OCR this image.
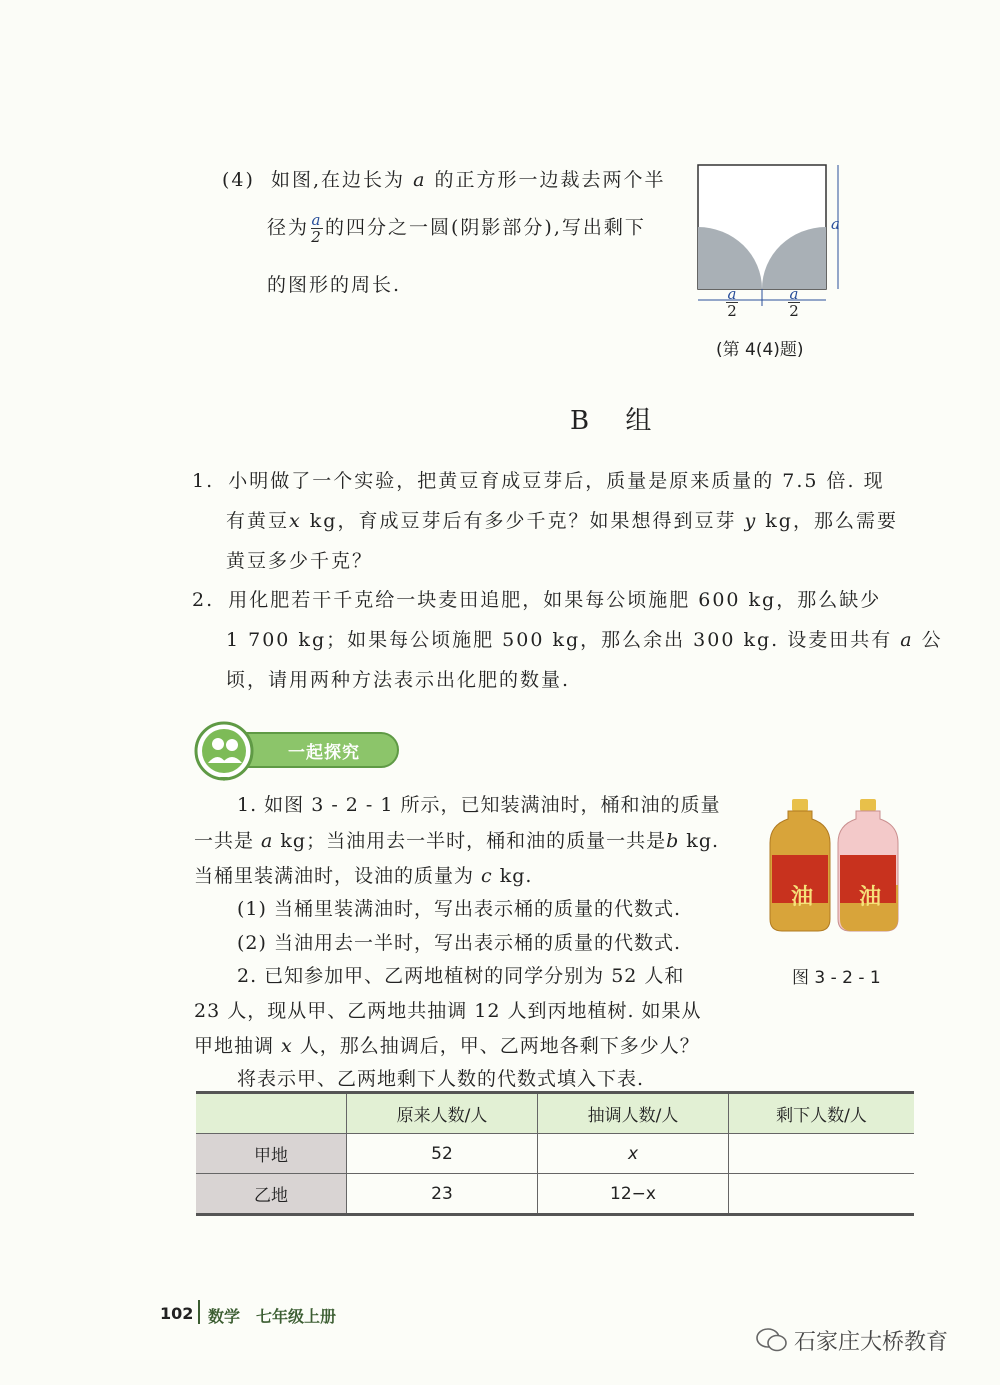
(4) 如图,在边长为 a 的正方形一边裁去两个半
径为 $\frac{a}{2}$ 的四分之一圆(阴影部分),写出剩下
的图形的周长.
a
$\frac{a}{2}$	$\frac{a}{2}$
(第 4(4)题)
B 组
1. 小明做了一个实验，把黄豆育成豆芽后，质量是原来质量的 7.5 倍. 现
有黄豆x kg，育成豆芽后有多少千克？如果想得到豆芽 y kg，那么需要
黄豆多少千克？
2. 用化肥若干千克给一块麦田追肥，如果每公顷施肥 600 kg，那么缺少
1 700 kg；如果每公顷施肥 500 kg，那么余出 300 kg. 设麦田共有 a 公
顷，请用两种方法表示出化肥的数量.
一起探究
1. 如图 3 - 2 - 1 所示，已知装满油时，桶和油的质量
一共是 a kg；当油用去一半时，桶和油的质量一共是b kg.
当桶里装满油时，设油的质量为 c kg.
(1) 当桶里装满油时，写出表示桶的质量的代数式.
(2) 当油用去一半时，写出表示桶的质量的代数式.
2. 已知参加甲、乙两地植树的同学分别为 52 人和
23 人，现从甲、乙两地共抽调 12 人到丙地植树. 如果从
甲地抽调 x 人，那么抽调后，甲、乙两地各剩下多少人？
将表示甲、乙两地剩下人数的代数式填入下表.
油 油
图 3 - 2 - 1
	原来人数/人	抽调人数/人	剩下人数/人
甲地	52	x	
乙地	23	12−x	
102 数学 七年级上册
石家庄大桥教育
